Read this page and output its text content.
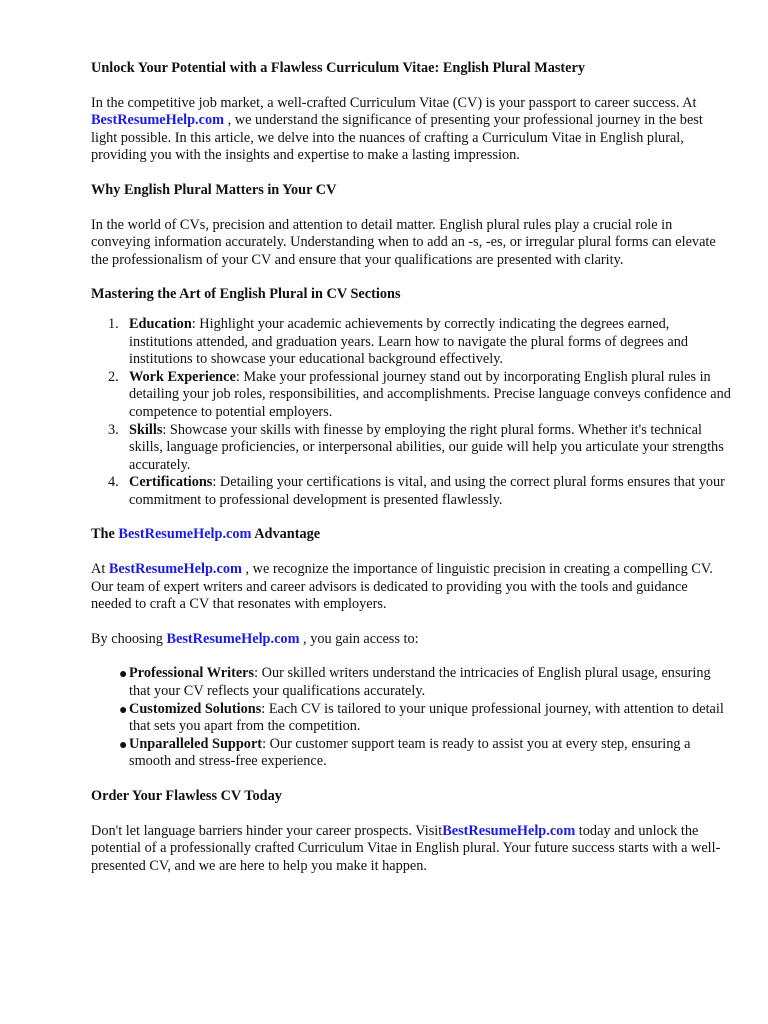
Unlock Your Potential with a Flawless Curriculum Vitae: English Plural Mastery

In the competitive job market, a well-crafted Curriculum Vitae (CV) is your passport to career success. At BestResumeHelp.com , we understand the significance of presenting your professional journey in the best light possible. In this article, we delve into the nuances of crafting a Curriculum Vitae in English plural, providing you with the insights and expertise to make a lasting impression.

Why English Plural Matters in Your CV

In the world of CVs, precision and attention to detail matter. English plural rules play a crucial role in conveying information accurately. Understanding when to add an -s, -es, or irregular plural forms can elevate the professionalism of your CV and ensure that your qualifications are presented with clarity.

Mastering the Art of English Plural in CV Sections
1. Education: Highlight your academic achievements by correctly indicating the degrees earned, institutions attended, and graduation years. Learn how to navigate the plural forms of degrees and institutions to showcase your educational background effectively.
2. Work Experience: Make your professional journey stand out by incorporating English plural rules in detailing your job roles, responsibilities, and accomplishments. Precise language conveys confidence and competence to potential employers.
3. Skills: Showcase your skills with finesse by employing the right plural forms. Whether it's technical skills, language proficiencies, or interpersonal abilities, our guide will help you articulate your strengths accurately.
4. Certifications: Detailing your certifications is vital, and using the correct plural forms ensures that your commitment to professional development is presented flawlessly.
The BestResumeHelp.com Advantage

At BestResumeHelp.com , we recognize the importance of linguistic precision in creating a compelling CV. Our team of expert writers and career advisors is dedicated to providing you with the tools and guidance needed to craft a CV that resonates with employers.

By choosing BestResumeHelp.com , you gain access to:

● Professional Writers: Our skilled writers understand the intricacies of English plural usage, ensuring that your CV reflects your qualifications accurately.
● Customized Solutions: Each CV is tailored to your unique professional journey, with attention to detail that sets you apart from the competition.
● Unparalleled Support: Our customer support team is ready to assist you at every step, ensuring a smooth and stress-free experience.
Order Your Flawless CV Today

Don't let language barriers hinder your career prospects. VisitBestResumeHelp.com today and unlock the potential of a professionally crafted Curriculum Vitae in English plural. Your future success starts with a well-presented CV, and we are here to help you make it happen.
